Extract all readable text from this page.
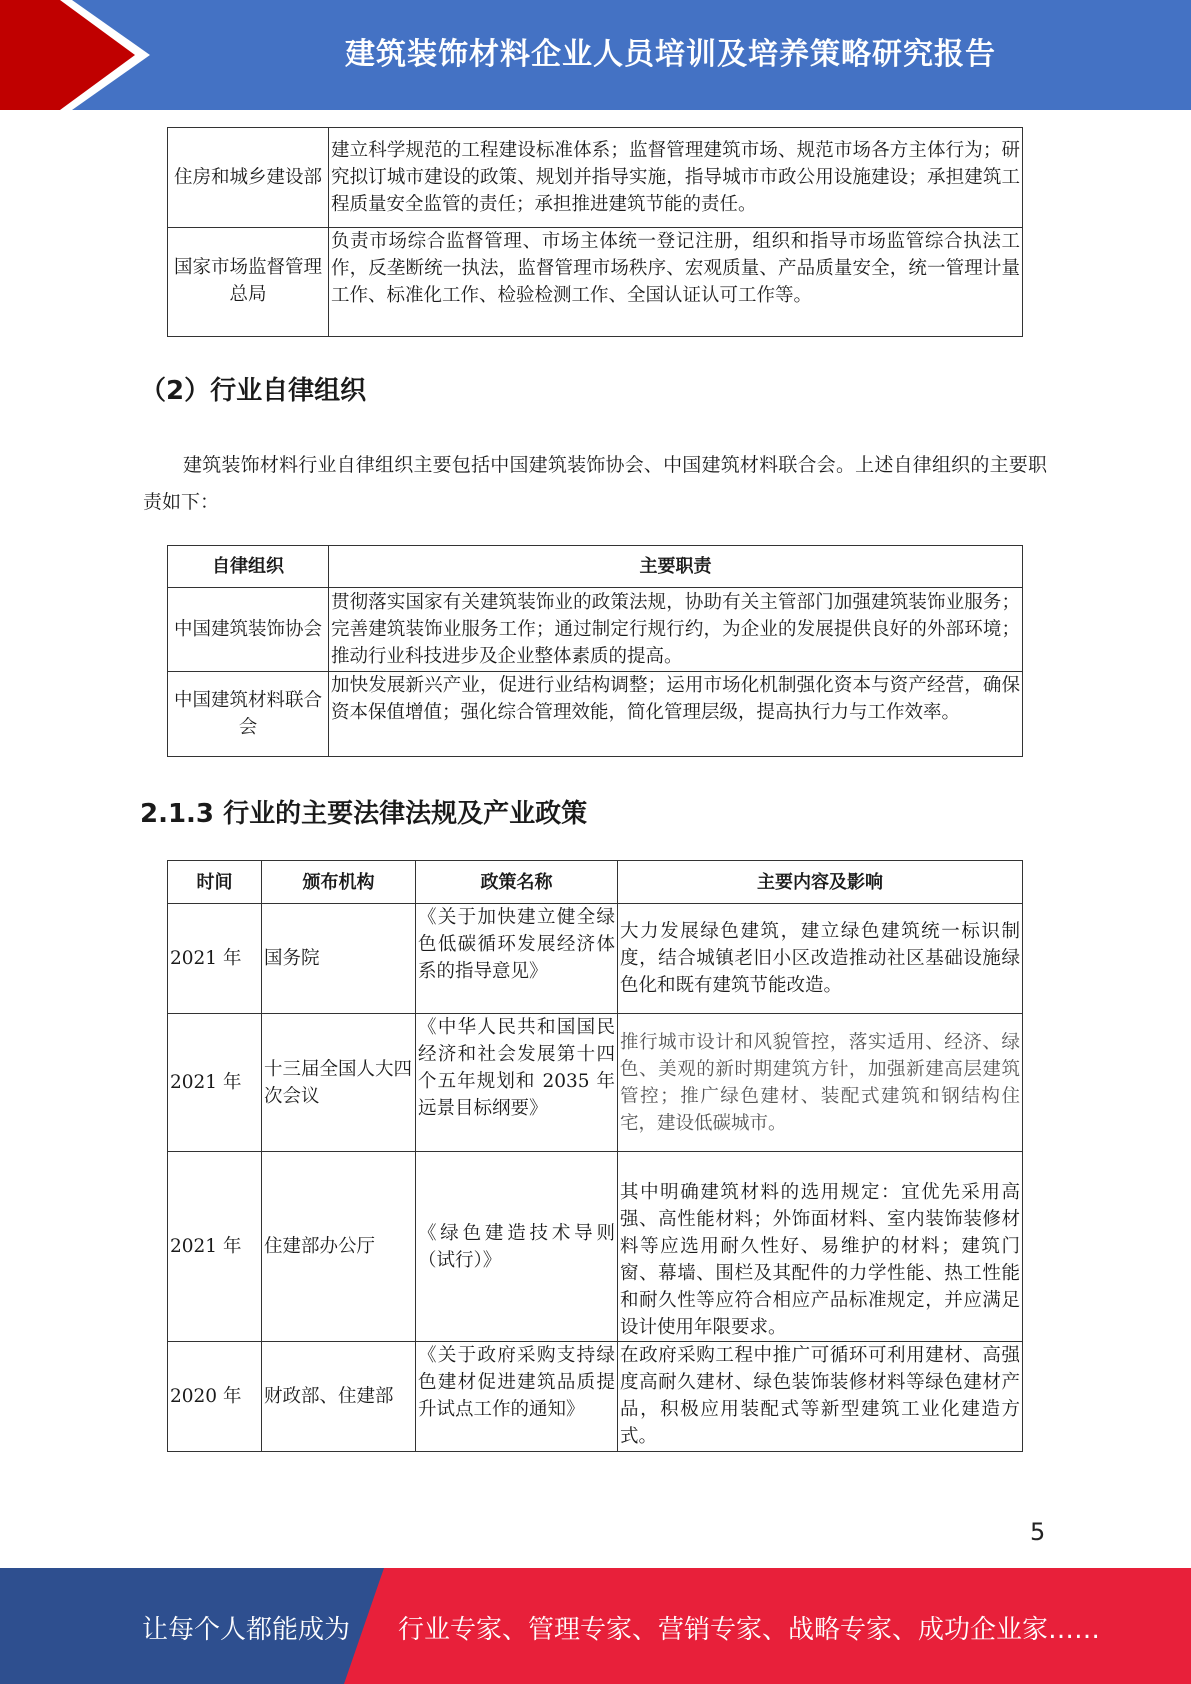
建筑装饰材料企业人员培训及培养策略研究报告
住房和城乡建设部	建立科学规范的工程建设标准体系；监督管理建筑市场、规范市场各方主体行为；研究拟订城市建设的政策、规划并指导实施，指导城市市政公用设施建设；承担建筑工程质量安全监管的责任；承担推进建筑节能的责任。
国家市场监督管理总局	负责市场综合监督管理、市场主体统一登记注册，组织和指导市场监管综合执法工作，反垄断统一执法，监督管理市场秩序、宏观质量、产品质量安全，统一管理计量工作、标准化工作、检验检测工作、全国认证认可工作等。
（2）行业自律组织

建筑装饰材料行业自律组织主要包括中国建筑装饰协会、中国建筑材料联合会。上述自律组织的主要职责如下：

自律组织	主要职责
中国建筑装饰协会	贯彻落实国家有关建筑装饰业的政策法规，协助有关主管部门加强建筑装饰业服务；完善建筑装饰业服务工作；通过制定行规行约，为企业的发展提供良好的外部环境；推动行业科技进步及企业整体素质的提高。
中国建筑材料联合会	加快发展新兴产业，促进行业结构调整；运用市场化机制强化资本与资产经营，确保资本保值增值；强化综合管理效能，简化管理层级，提高执行力与工作效率。
2.1.3 行业的主要法律法规及产业政策
时间	颁布机构	政策名称	主要内容及影响
2021 年	国务院	《关于加快建立健全绿色低碳循环发展经济体系的指导意见》	大力发展绿色建筑，建立绿色建筑统一标识制度，结合城镇老旧小区改造推动社区基础设施绿色化和既有建筑节能改造。
2021 年	十三届全国人大四次会议	《中华人民共和国国民经济和社会发展第十四个五年规划和 2035 年远景目标纲要》	推行城市设计和风貌管控，落实适用、经济、绿色、美观的新时期建筑方针，加强新建高层建筑管控；推广绿色建材、装配式建筑和钢结构住宅，建设低碳城市。
2021 年	住建部办公厅	《绿色建造技术导则（试行）》	其中明确建筑材料的选用规定：宜优先采用高强、高性能材料；外饰面材料、室内装饰装修材料等应选用耐久性好、易维护的材料；建筑门窗、幕墙、围栏及其配件的力学性能、热工性能和耐久性等应符合相应产品标准规定，并应满足设计使用年限要求。
2020 年	财政部、住建部	《关于政府采购支持绿色建材促进建筑品质提升试点工作的通知》	在政府采购工程中推广可循环可利用建材、高强度高耐久建材、绿色装饰装修材料等绿色建材产品，积极应用装配式等新型建筑工业化建造方式。
5
让每个人都能成为 行业专家、管理专家、营销专家、战略专家、成功企业家……
